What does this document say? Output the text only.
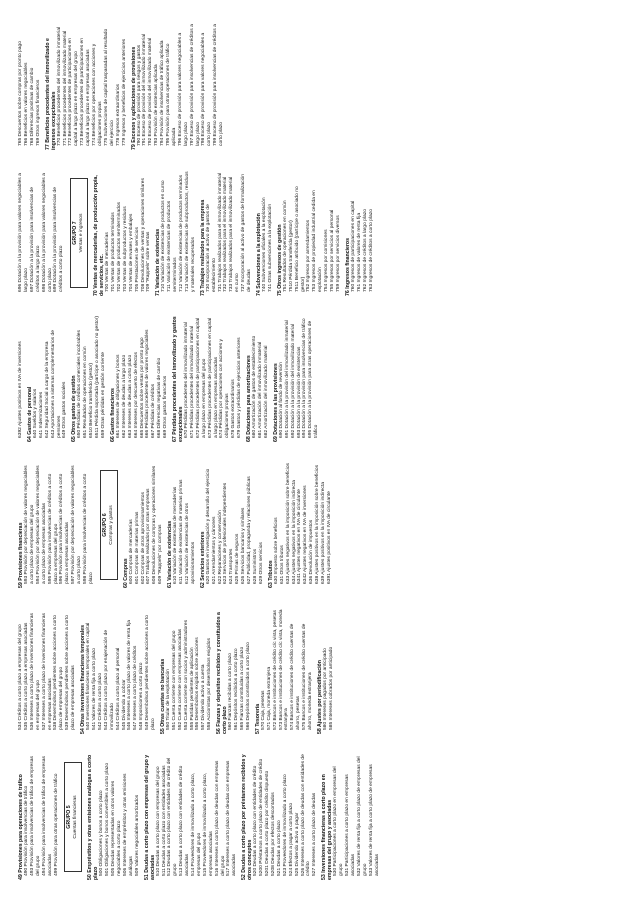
49 Provisiones para operaciones de tráfico 490 Provisión para insolvencias de tráfico 493 Provisión para insolvencias de tráfico de empresas del grupo 494 Provisión para insolvencias de tráfico de empresas asociadas 499 Provisión para otras operaciones de tráfico GRUPO 5 Cuentas financieras 50 Empréstitos y otras emisiones análogas a corto plazo 500 Obligaciones y bonos a corto plazo 501 Obligaciones y bonos convertibles a corto plazo 505 Deudas representadas en otros valores negociables a corto plazo 506 Intereses de empréstitos y otras emisiones análogas 509 Valores negociables amortizados 51 Deudas a corto plazo con empresas del grupo y asociadas 510 Deudas a corto plazo con empresas del grupo 511 Deudas a corto plazo con entidades asociadas 512 Deudas a corto plazo con entidades de crédito del grupo 513 Deudas a corto plazo con entidades de crédito asociadas 514 Proveedores de inmovilizado a corto plazo, empresas del grupo 515 Proveedores de inmovilizado a corto plazo, empresas asociadas 516 Intereses a corto plazo de deudas con empresas del grupo 517 Intereses a corto plazo de deudas con empresas asociadas 52 Deudas a corto plazo por préstamos recibidos y otros conceptos 520 Deudas a corto plazo con entidades de crédito 5200 Préstamos a corto plazo de entidades de crédito 5201 Deudas a corto plazo por crédito dispuesto 5208 Deudas por efectos descontados 521 Deudas a corto plazo 523 Proveedores de inmovilizado a corto plazo 524 Efectos a pagar a corto plazo 525 Dividendo activo a pagar 526 Intereses a corto plazo de deudas con entidades de crédito 527 Intereses a corto plazo de deudas 53 Inversiones financieras a corto plazo en empresas del grupo y asociadas 530 Participaciones a corto plazo en empresas del grupo 531 Participaciones a corto plazo en empresas asociadas 532 Valores de renta fija a corto plazo de empresas del grupo 533 Valores de renta fija a corto plazo de empresas asociadas
534 Créditos a corto plazo a empresas del grupo 535 Créditos a corto plazo a empresas asociadas 536 Intereses a corto plazo de inversiones financieras en empresas del grupo 537 Intereses a corto plazo de inversiones financieras en empresas asociadas 538 Desembolsos pendientes sobre acciones a corto plazo de empresas del grupo 539 Desembolsos pendientes sobre acciones a corto plazo de empresas asociadas 54 Otras inversiones financieras temporales 540 Inversiones financieras temporales en capital 541 Valores de renta fija a corto plazo 542 Créditos a corto plazo 543 Créditos a corto plazo por enajenación de inmovilizado 544 Créditos a corto plazo al personal 545 Dividendo a cobrar 546 Intereses a corto plazo de valores de renta fija 547 Intereses a corto plazo de créditos 548 Imposiciones a corto plazo 549 Desembolsos pendientes sobre acciones a corto plazo 55 Otras cuentas no bancarias 550 Titular de la explotación 551 Cuenta corriente con empresas del grupo 552 Cuenta corriente con empresas asociadas 553 Cuenta corriente con socios y administradores 555 Partidas pendientes de aplicación 556 Desembolsos exigidos sobre acciones 557 Dividendo activo a cuenta 558 Accionistas por desembolsos exigidos 56 Fianzas y depósitos recibidos y constituidos a corto plazo 560 Fianzas recibidas a corto plazo 561 Depósitos recibidos a corto plazo 565 Fianzas constituidas a corto plazo 566 Depósitos constituidos a corto plazo 57 Tesorería 570 Caja, pesetas 571 Caja, moneda extranjera 572 Bancos e instituciones de crédito c/c vista, pesetas 573 Bancos e instituciones de crédito c/c vista, moneda extranjera 574 Bancos e instituciones de crédito cuentas de ahorro, pesetas 575 Bancos e instituciones de crédito cuentas de ahorro, moneda extranjera 58 Ajustes por periodificación 580 Intereses pagados por anticipado 585 Intereses cobrados por anticipado
59 Provisiones financieras 593 Provisión por depreciación de valores negociables a corto plazo de empresas del grupo 594 Provisión por depreciación de valores negociables a corto plazo de empresas asociadas 595 Provisión para insolvencias de créditos a corto plazo a empresas del grupo 596 Provisión para insolvencias de créditos a corto plazo a empresas asociadas 597 Provisión por depreciación de valores negociables a corto plazo 598 Provisión para insolvencias de créditos a corto plazo
GRUPO 6 Compras y gastos
60 Compras 600 Compras de mercaderías 601 Compras de materias primas 602 Compras de otros aprovisionamientos 607 Trabajos realizados por otras empresas 608 Devoluciones de compras y operaciones similares 609 "Rappels" por compras 61 Variación de existencias 610 Variación de existencias de mercaderías 611 Variación de existencias de materias primas 612 Variación de existencias de otros aprovisionamientos 62 Servicios exteriores 620 Gastos en investigación y desarrollo del ejercicio 621 Arrendamientos y cánones 622 Reparaciones y conservación 623 Servicios de profesionales independientes 624 Transportes 625 Primas de seguros 626 Servicios bancarios y similares 627 Publicidad, propaganda y relaciones públicas 628 Suministros 629 Otros servicios 63 Tributos 630 Impuesto sobre beneficios 631 Otros tributos 633 Ajustes negativos en la imposición sobre beneficios 634 Ajustes negativos en la imposición indirecta 6341 Ajustes negativos en IVA de circulante 6342 Ajustes negativos en IVA de inversiones 636 Devolución de impuestos 638 Ajustes positivos en la imposición sobre beneficios 639 Ajustes positivos en la imposición indirecta 6391 Ajustes positivos en IVA de circulante
6392 Ajustes positivos en IVA de inversiones 64 Gastos de personal 640 Sueldos y salarios 641 Indemnizaciones 642 Seguridad Social a cargo de la empresa 643 Aportaciones a sistemas complementarios de pensiones 649 Otros gastos sociales 65 Otros gastos de gestión 650 Pérdidas de créditos comerciales incobrables 651 Resultados de operaciones en común 6510 Beneficio transferido (gestor) 6511 Pérdida soportada (partícipe o asociado no gestor) 659 Otras pérdidas en gestión corriente 66 Gastos financieros 661 Intereses de obligaciones y bonos 662 Intereses de deudas a largo plazo 663 Intereses de deudas a corto plazo 664 Intereses por descuento de efectos 665 Descuentos sobre ventas por pronto pago 666 Pérdidas procedentes de valores negociables 667 Pérdidas de créditos 668 Diferencias negativas de cambio 669 Otros gastos financieros 67 Pérdidas procedentes del inmovilizado y gastos excepcionales 670 Pérdidas procedentes del inmovilizado inmaterial 671 Pérdidas procedentes del inmovilizado material 672 Pérdidas procedentes de participaciones en capital a largo plazo en empresas del grupo 673 Pérdidas procedentes de participaciones en capital a largo plazo en empresas asociadas 674 Pérdidas por operaciones con acciones y obligaciones propias 678 Gastos extraordinarios 679 Gastos y pérdidas de ejercicios anteriores 68 Dotaciones para amortizaciones 680 Amortización de gastos de establecimiento 681 Amortización del inmovilizado inmaterial 682 Amortización del inmovilizado material 69 Dotaciones a las provisiones 690 Dotación al fondo de reversión 691 Dotación a la provisión del inmovilizado inmaterial 692 Dotación a la provisión del inmovilizado material 693 Dotación a la provisión de existencias 694 Dotación a la provisión para insolvencias de tráfico 695 Dotación a la provisión para otras operaciones de tráfico
696 Dotación a la provisión para valores negociables a largo plazo 697 Dotación a la provisión para insolvencias de créditos a largo plazo 698 Dotación a la provisión para valores negociables a corto plazo 699 Dotación a la provisión para insolvencias de créditos a corto plazo
GRUPO 7 Ventas e ingresos 70 Ventas de mercaderías, de producción propia, de servicios, etc. 700 Ventas de mercaderías 701 Ventas de productos terminados 702 Ventas de productos semiterminados 703 Ventas de subproductos y residuos 704 Ventas de envases y embalajes 705 Prestaciones de servicios 708 Devoluciones de ventas y operaciones similares 709 "Rappels" sobre ventas 71 Variación de existencias 710 Variación de existencias de productos en curso 711 Variación de existencias de productos semiterminados 712 Variación de existencias de productos terminados 713 Variación de existencias de subproductos, residuos y materiales recuperados 73 Trabajos realizados para la empresa 730 Incorporación al activo de gastos de establecimiento 731 Trabajos realizados para el inmovilizado inmaterial 732 Trabajos realizados para el inmovilizado material 733 Trabajos realizados para el inmovilizado material en curso 737 Incorporación al activo de gastos de formalización de deudas 74 Subvenciones a la explotación 740 Subvenciones oficiales a la explotación 741 Otras subvenciones a la explotación 75 Otros ingresos de gestión 751 Resultados de operaciones en común 7510 Pérdida transferida (gestor) 7511 Beneficio atribuido (partícipe o asociado no gestor) 752 Ingresos por arrendamientos 753 Ingresos de propiedad industrial cedida en explotación 754 Ingresos por comisiones 755 Ingresos por servicios al personal 759 Ingresos por servicios diversos 76 Ingresos financieros 760 Ingresos de participaciones en capital 761 Ingresos de valores de renta fija 762 Ingresos de créditos a largo plazo 763 Ingresos de créditos a corto plazo
765 Descuentos sobre compras por pronto pago 766 Beneficios en valores negociables 768 Diferencias positivas de cambio 769 Otros ingresos financieros 77 Beneficios procedentes del inmovilizado e ingresos excepcionales 770 Beneficios procedentes del inmovilizado inmaterial 771 Beneficios procedentes del inmovilizado material 772 Beneficios procedentes de participaciones en capital a largo plazo en empresas del grupo 773 Beneficios procedentes de participaciones en capital a largo plazo en empresas asociadas 774 Beneficios por operaciones con acciones y obligaciones propias 775 Subvenciones de capital traspasadas al resultado del ejercicio 778 Ingresos extraordinarios 779 Ingresos y beneficios de ejercicios anteriores 79 Excesos y aplicaciones de provisiones 790 Exceso de provisión para riesgos y gastos 791 Exceso de provisión del inmovilizado inmaterial 792 Exceso de provisión del inmovilizado material 793 Provisión de existencias aplicada 794 Provisión de insolvencias de tráfico aplicada 795 Provisión para otras operaciones de tráfico aplicada 796 Exceso de provisión para valores negociables a largo plazo 797 Exceso de provisión para insolvencias de créditos a largo plazo 798 Exceso de provisión para valores negociables a corto plazo 799 Exceso de provisión para insolvencias de créditos a corto plazo
